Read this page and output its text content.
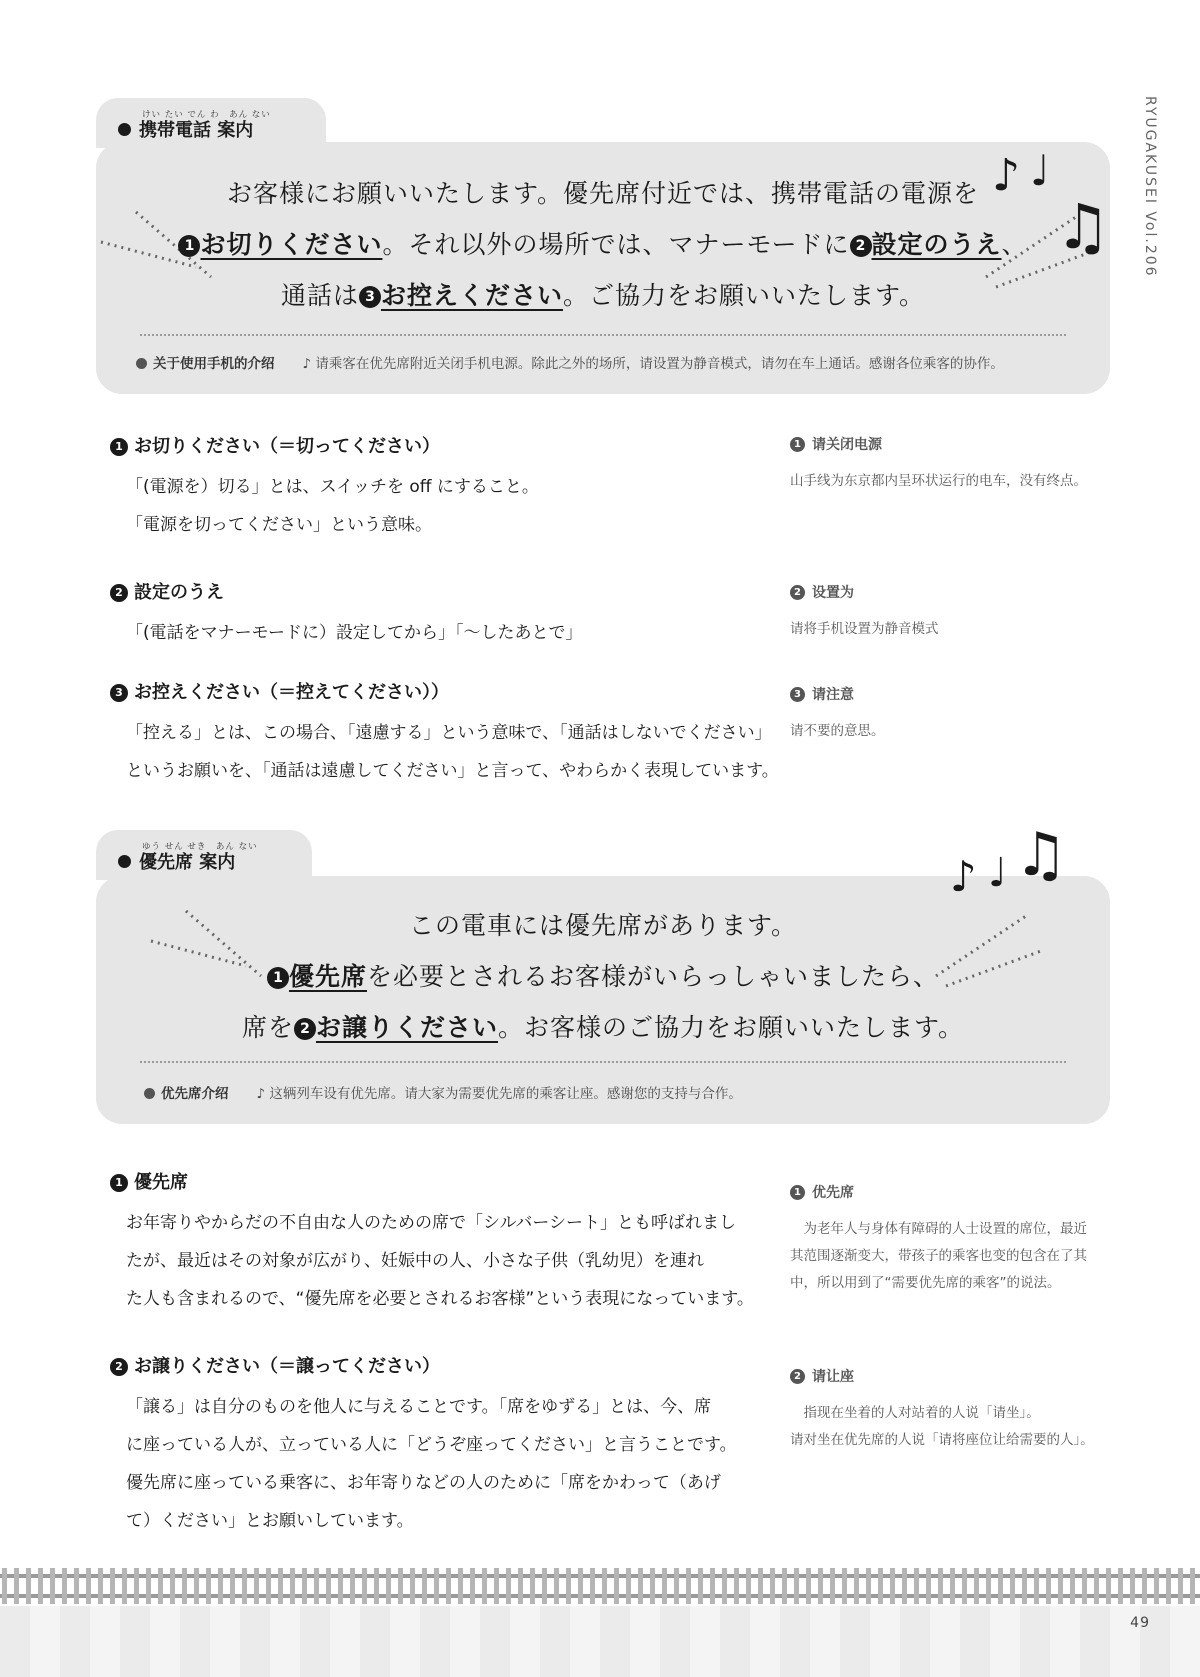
RYUGAKUSEI Vol.206
けい たい でん わ　あん ない
携帯電話 案内
お客様にお願いいたします。優先席付近では、携帯電話の電源を
1 お切りください。それ以外の場所では、マナーモードに 2 設定のうえ、
通話は 3 お控えください。ご協力をお願いいたします。
关于使用手机的介绍 ♪ 请乘客在优先席附近关闭手机电源。除此之外的场所，请设置为静音模式，请勿在车上通话。感谢各位乘客的协作。
♪ ♩
♫
1 お切りください（＝切ってください）

「(電源を）切る」とは、スイッチを off にすること。

「電源を切ってください」という意味。

1 请关闭电源

山手线为东京都内呈环状运行的电车，没有终点。

2 設定のうえ

「(電話をマナーモードに）設定してから」「～したあとで」

2 设置为

请将手机设置为静音模式

3 お控えください（＝控えてください））

「控える」とは、この場合、「遠慮する」という意味で、「通話はしないでください」

というお願いを、「通話は遠慮してください」と言って、やわらかく表現しています。

3 请注意

请不要的意思。

ゆう せん せき　あん ない
優先席 案内
この電車には優先席があります。
1 優先席を必要とされるお客様がいらっしゃいましたら、
席を 2 お譲りください。お客様のご協力をお願いいたします。
优先席介绍 ♪ 这辆列车设有优先席。请大家为需要优先席的乘客让座。感谢您的支持与合作。
♪ ♩ ♫
1 優先席

お年寄りやからだの不自由な人のための席で「シルバーシート」とも呼ばれまし

たが、最近はその対象が広がり、妊娠中の人、小さな子供（乳幼児）を連れ

た人も含まれるので、“優先席を必要とされるお客様”という表現になっています。

1 优先席

为老年人与身体有障碍的人士设置的席位，最近

其范围逐渐变大，带孩子的乘客也变的包含在了其

中，所以用到了“需要优先席的乘客”的说法。

2 お譲りください（＝譲ってください）

「譲る」は自分のものを他人に与えることです。「席をゆずる」とは、今、席

に座っている人が、立っている人に「どうぞ座ってください」と言うことです。

優先席に座っている乗客に、お年寄りなどの人のために「席をかわって（あげ

て）ください」とお願いしています。

2 请让座

指现在坐着的人对站着的人说「请坐」。

请对坐在优先席的人说「请将座位让给需要的人」。

49
